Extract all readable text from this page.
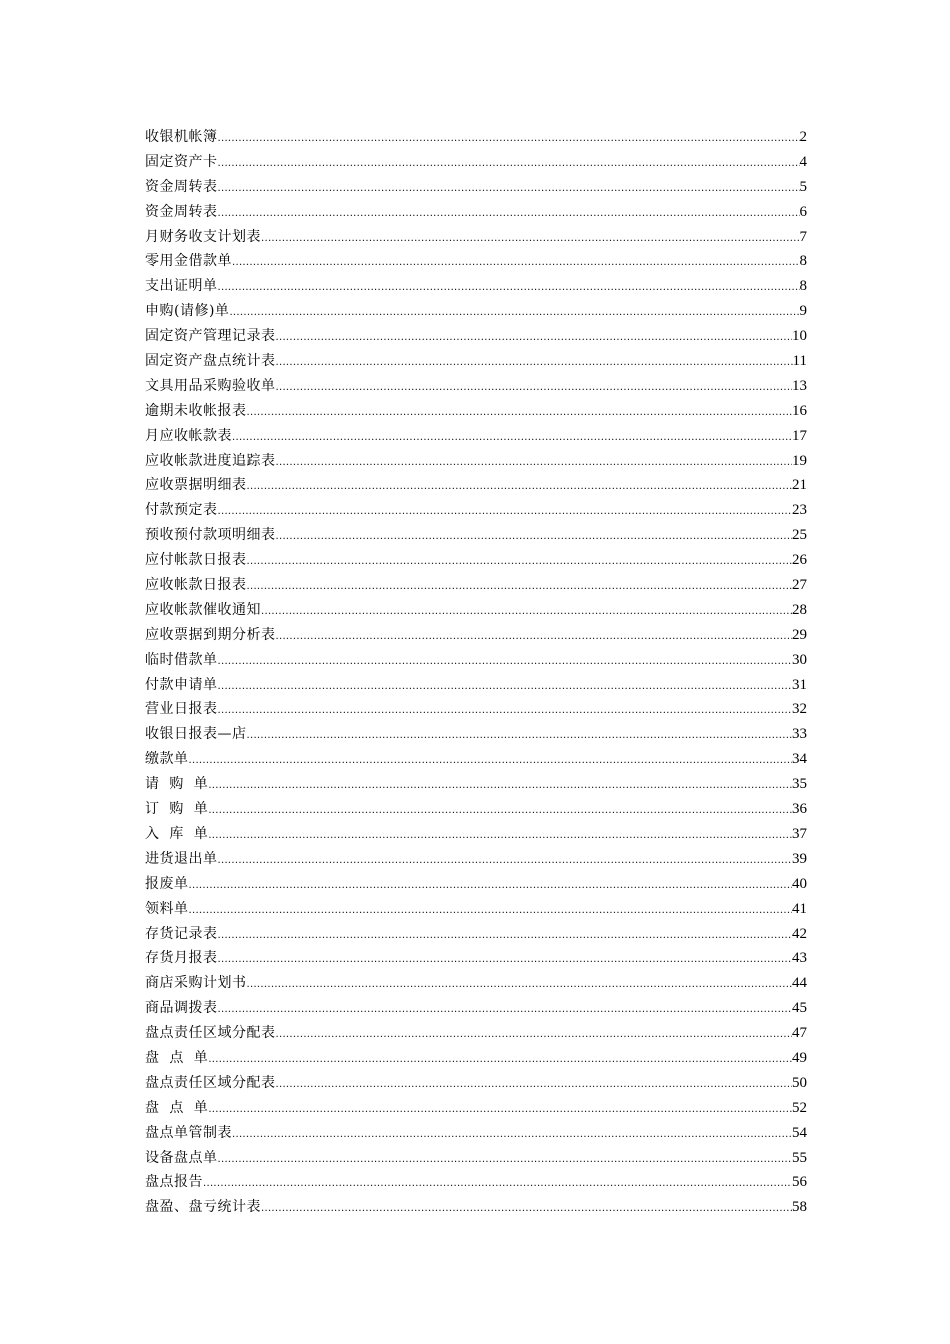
收银机帐簿 .....	2
固定资产卡 .....	4
资金周转表 .....	5
资金周转表 .....	6
月财务收支计划表 .....	7
零用金借款单 .....	8
支出证明单 .....	8
申购(请修)单 .....	9
固定资产管理记录表 .....	10
固定资产盘点统计表 .....	11
文具用品采购验收单 .....	13
逾期未收帐报表 .....	16
月应收帐款表 .....	17
应收帐款进度追踪表 .....	19
应收票据明细表 .....	21
付款预定表 .....	23
预收预付款项明细表 .....	25
应付帐款日报表 .....	26
应收帐款日报表 .....	27
应收帐款催收通知 .....	28
应收票据到期分析表 .....	29
临时借款单 .....	30
付款申请单 .....	31
营业日报表 .....	32
收银日报表—店 .....	33
缴款单 .....	34
请  购  单 .....	35
订  购  单 .....	36
入  库  单 .....	37
进货退出单 .....	39
报废单 .....	40
领料单 .....	41
存货记录表 .....	42
存货月报表 .....	43
商店采购计划书 .....	44
商品调拨表 .....	45
盘点责任区域分配表 .....	47
盘  点  单 .....	49
盘点责任区域分配表 .....	50
盘  点  单 .....	52
盘点单管制表 .....	54
设备盘点单 .....	55
盘点报告 .....	56
盘盈、盘亏统计表 .....	58
